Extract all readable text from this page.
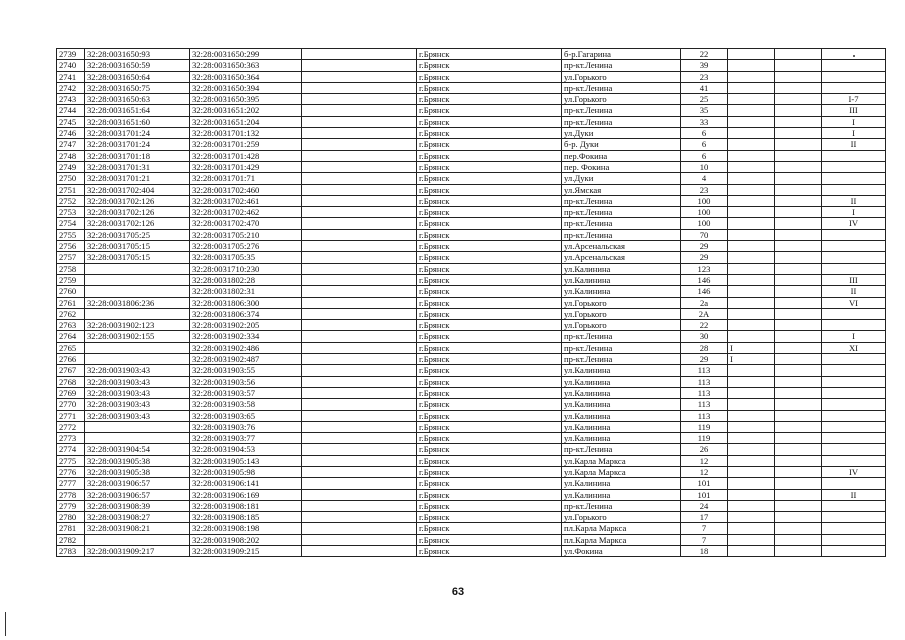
2739	32:28:0031650:93	32:28:0031650:299		г.Брянск	б-р.Гагарина	22			
2740	32:28:0031650:59	32:28:0031650:363		г.Брянск	пр-кт.Ленина	39			
2741	32:28:0031650:64	32:28:0031650:364		г.Брянск	ул.Горького	23			
2742	32:28:0031650:75	32:28:0031650:394		г.Брянск	пр-кт.Ленина	41			
2743	32:28:0031650:63	32:28:0031650:395		г.Брянск	ул.Горького	25			I-7
2744	32:28:0031651:64	32:28:0031651:202		г.Брянск	пр-кт.Ленина	35			III
2745	32:28:0031651:60	32:28:0031651:204		г.Брянск	пр-кт.Ленина	33			I
2746	32:28:0031701:24	32:28:0031701:132		г.Брянск	ул.Дуки	6			I
2747	32:28:0031701:24	32:28:0031701:259		г.Брянск	б-р. Дуки	6			II
2748	32:28:0031701:18	32:28:0031701:428		г.Брянск	пер.Фокина	6			
2749	32:28:0031701:31	32:28:0031701:429		г.Брянск	пер. Фокина	10			
2750	32:28:0031701:21	32:28:0031701:71		г.Брянск	ул.Дуки	4			
2751	32:28:0031702:404	32:28:0031702:460		г.Брянск	ул.Ямская	23			
2752	32:28:0031702:126	32:28:0031702:461		г.Брянск	пр-кт.Ленина	100			II
2753	32:28:0031702:126	32:28:0031702:462		г.Брянск	пр-кт.Ленина	100			I
2754	32:28:0031702:126	32:28:0031702:470		г.Брянск	пр-кт.Ленина	100			IV
2755	32:28:0031705:25	32:28:0031705:210		г.Брянск	пр-кт.Ленина	70			
2756	32:28:0031705:15	32:28:0031705:276		г.Брянск	ул.Арсенальская	29			
2757	32:28:0031705:15	32:28:0031705:35		г.Брянск	ул.Арсенальская	29			
2758		32:28:0031710:230		г.Брянск	ул.Калинина	123			
2759		32:28:0031802:28		г.Брянск	ул.Калинина	146			III
2760		32:28:0031802:31		г.Брянск	ул.Калинина	146			II
2761	32:28:0031806:236	32:28:0031806:300		г.Брянск	ул.Горького	2а			VI
2762		32:28:0031806:374		г.Брянск	ул.Горького	2А			
2763	32:28:0031902:123	32:28:0031902:205		г.Брянск	ул.Горького	22			
2764	32:28:0031902:155	32:28:0031902:334		г.Брянск	пр-кт.Ленина	30			I
2765		32:28:0031902:486		г.Брянск	пр-кт.Ленина	28	I		XI
2766		32:28:0031902:487		г.Брянск	пр-кт.Ленина	29	I		
2767	32:28:0031903:43	32:28:0031903:55		г.Брянск	ул.Калинина	113			
2768	32:28:0031903:43	32:28:0031903:56		г.Брянск	ул.Калинина	113			
2769	32:28:0031903:43	32:28:0031903:57		г.Брянск	ул.Калинина	113			
2770	32:28:0031903:43	32:28:0031903:58		г.Брянск	ул.Калинина	113			
2771	32:28:0031903:43	32:28:0031903:65		г.Брянск	ул.Калинина	113			
2772		32:28:0031903:76		г.Брянск	ул.Калинина	119			
2773		32:28:0031903:77		г.Брянск	ул.Калинина	119			
2774	32:28:0031904:54	32:28:0031904:53		г.Брянск	пр-кт.Ленина	26			
2775	32:28:0031905:38	32:28:0031905:143		г.Брянск	ул.Карла Маркса	12			
2776	32:28:0031905:38	32:28:0031905:98		г.Брянск	ул.Карла Маркса	12			IV
2777	32:28:0031906:57	32:28:0031906:141		г.Брянск	ул.Калинина	101			
2778	32:28:0031906:57	32:28:0031906:169		г.Брянск	ул.Калинина	101			II
2779	32:28:0031908:39	32:28:0031908:181		г.Брянск	пр-кт.Ленина	24			
2780	32:28:0031908:27	32:28:0031908:185		г.Брянск	ул.Горького	17			
2781	32:28:0031908:21	32:28:0031908:198		г.Брянск	пл.Карла Маркса	7			
2782		32:28:0031908:202		г.Брянск	пл.Карла Маркса	7			
2783	32:28:0031909:217	32:28:0031909:215		г.Брянск	ул.Фокина	18			
63
